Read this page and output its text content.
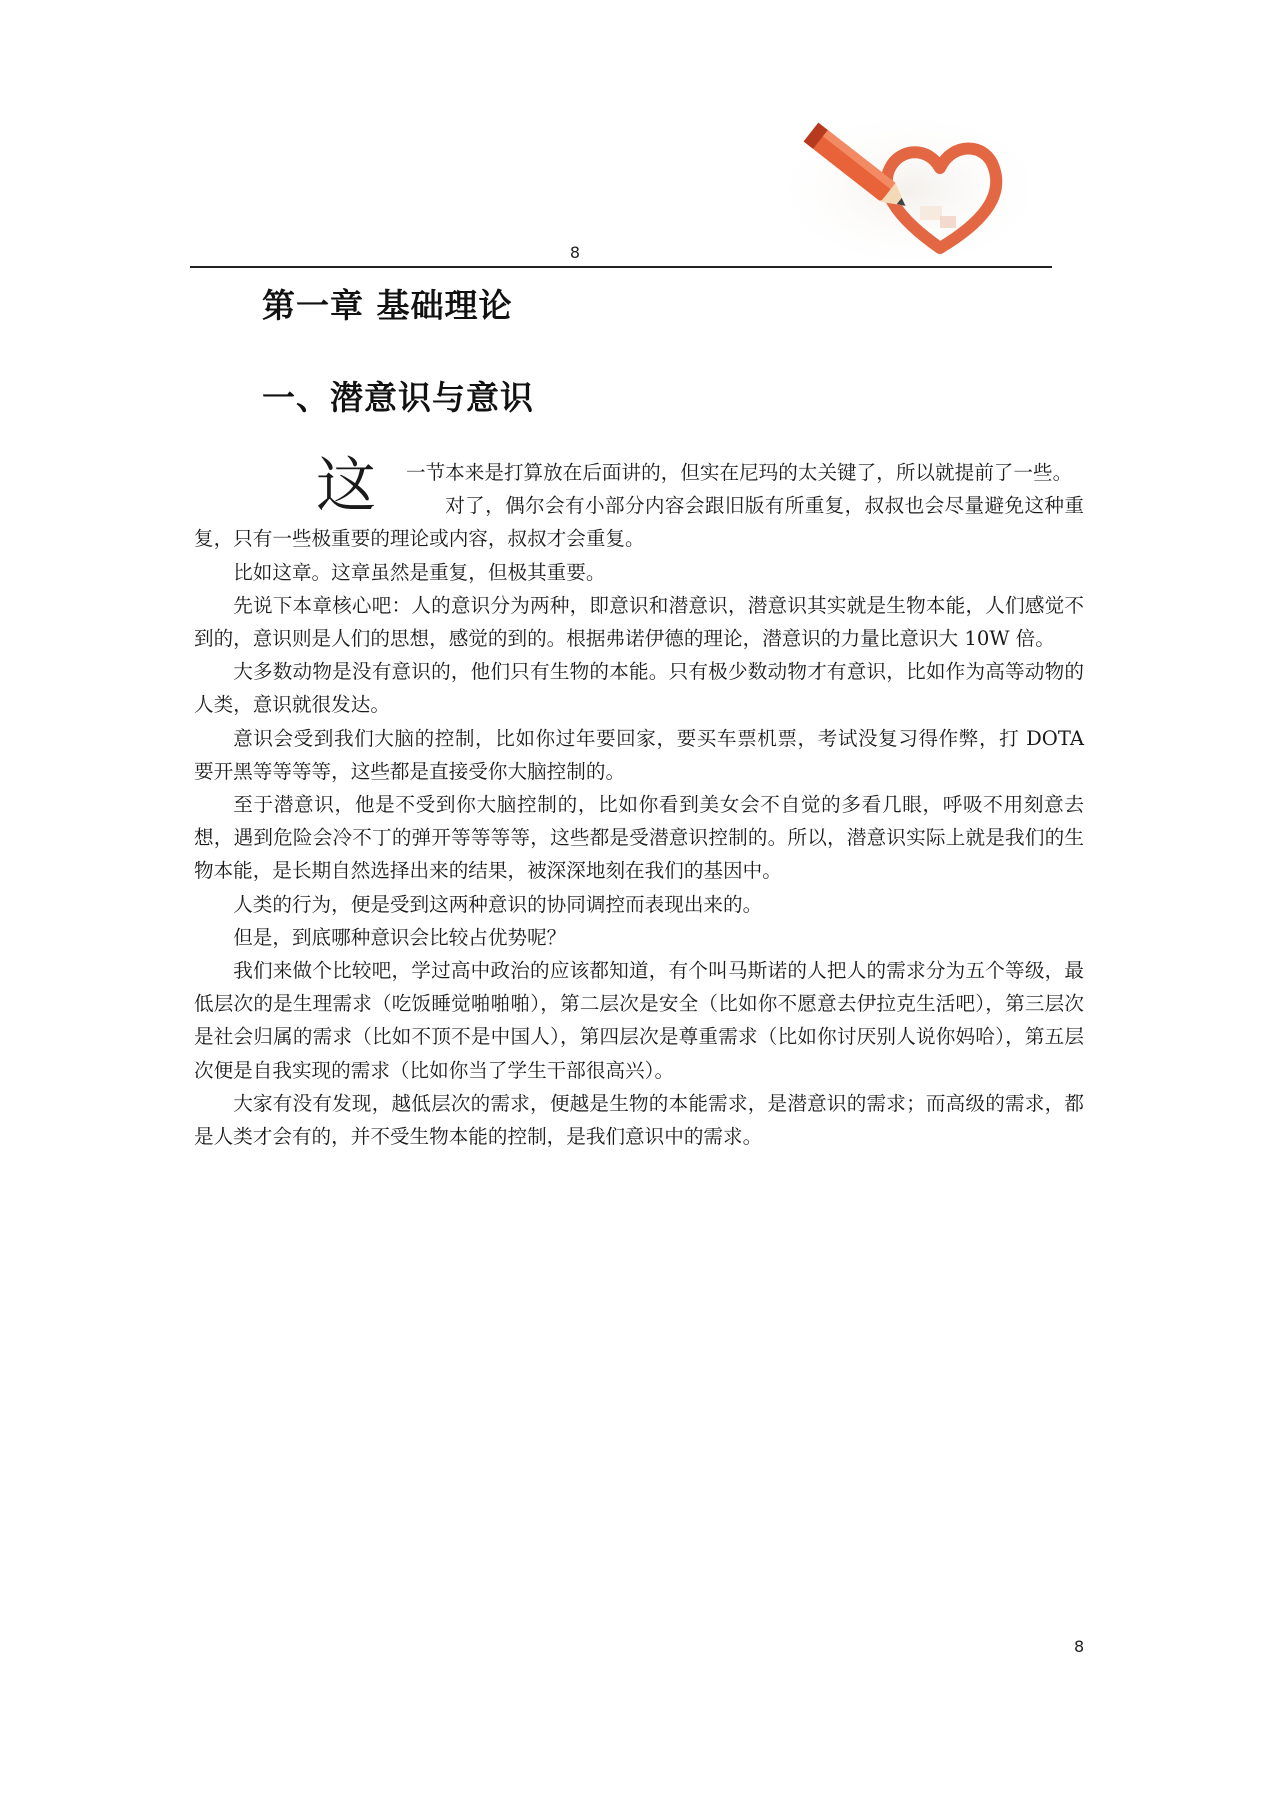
8
第一章 基础理论
一、潜意识与意识

这 一节本来是打算放在后面讲的，但实在尼玛的太关键了，所以就提前了一些。

对了，偶尔会有小部分内容会跟旧版有所重复，叔叔也会尽量避免这种重复，只有一些极重要的理论或内容，叔叔才会重复。

比如这章。这章虽然是重复，但极其重要。

先说下本章核心吧：人的意识分为两种，即意识和潜意识，潜意识其实就是生物本能，人们感觉不到的，意识则是人们的思想，感觉的到的。根据弗诺伊德的理论，潜意识的力量比意识大 10W 倍。

大多数动物是没有意识的，他们只有生物的本能。只有极少数动物才有意识，比如作为高等动物的人类，意识就很发达。

意识会受到我们大脑的控制，比如你过年要回家，要买车票机票，考试没复习得作弊，打 DOTA 要开黑等等等等，这些都是直接受你大脑控制的。

至于潜意识，他是不受到你大脑控制的，比如你看到美女会不自觉的多看几眼，呼吸不用刻意去想，遇到危险会冷不丁的弹开等等等等，这些都是受潜意识控制的。所以，潜意识实际上就是我们的生物本能，是长期自然选择出来的结果，被深深地刻在我们的基因中。

人类的行为，便是受到这两种意识的协同调控而表现出来的。

但是，到底哪种意识会比较占优势呢？

我们来做个比较吧，学过高中政治的应该都知道，有个叫马斯诺的人把人的需求分为五个等级，最低层次的是生理需求（吃饭睡觉啪啪啪），第二层次是安全（比如你不愿意去伊拉克生活吧），第三层次是社会归属的需求（比如不顶不是中国人），第四层次是尊重需求（比如你讨厌别人说你妈哈），第五层次便是自我实现的需求（比如你当了学生干部很高兴）。

大家有没有发现，越低层次的需求，便越是生物的本能需求，是潜意识的需求；而高级的需求，都是人类才会有的，并不受生物本能的控制，是我们意识中的需求。

8
